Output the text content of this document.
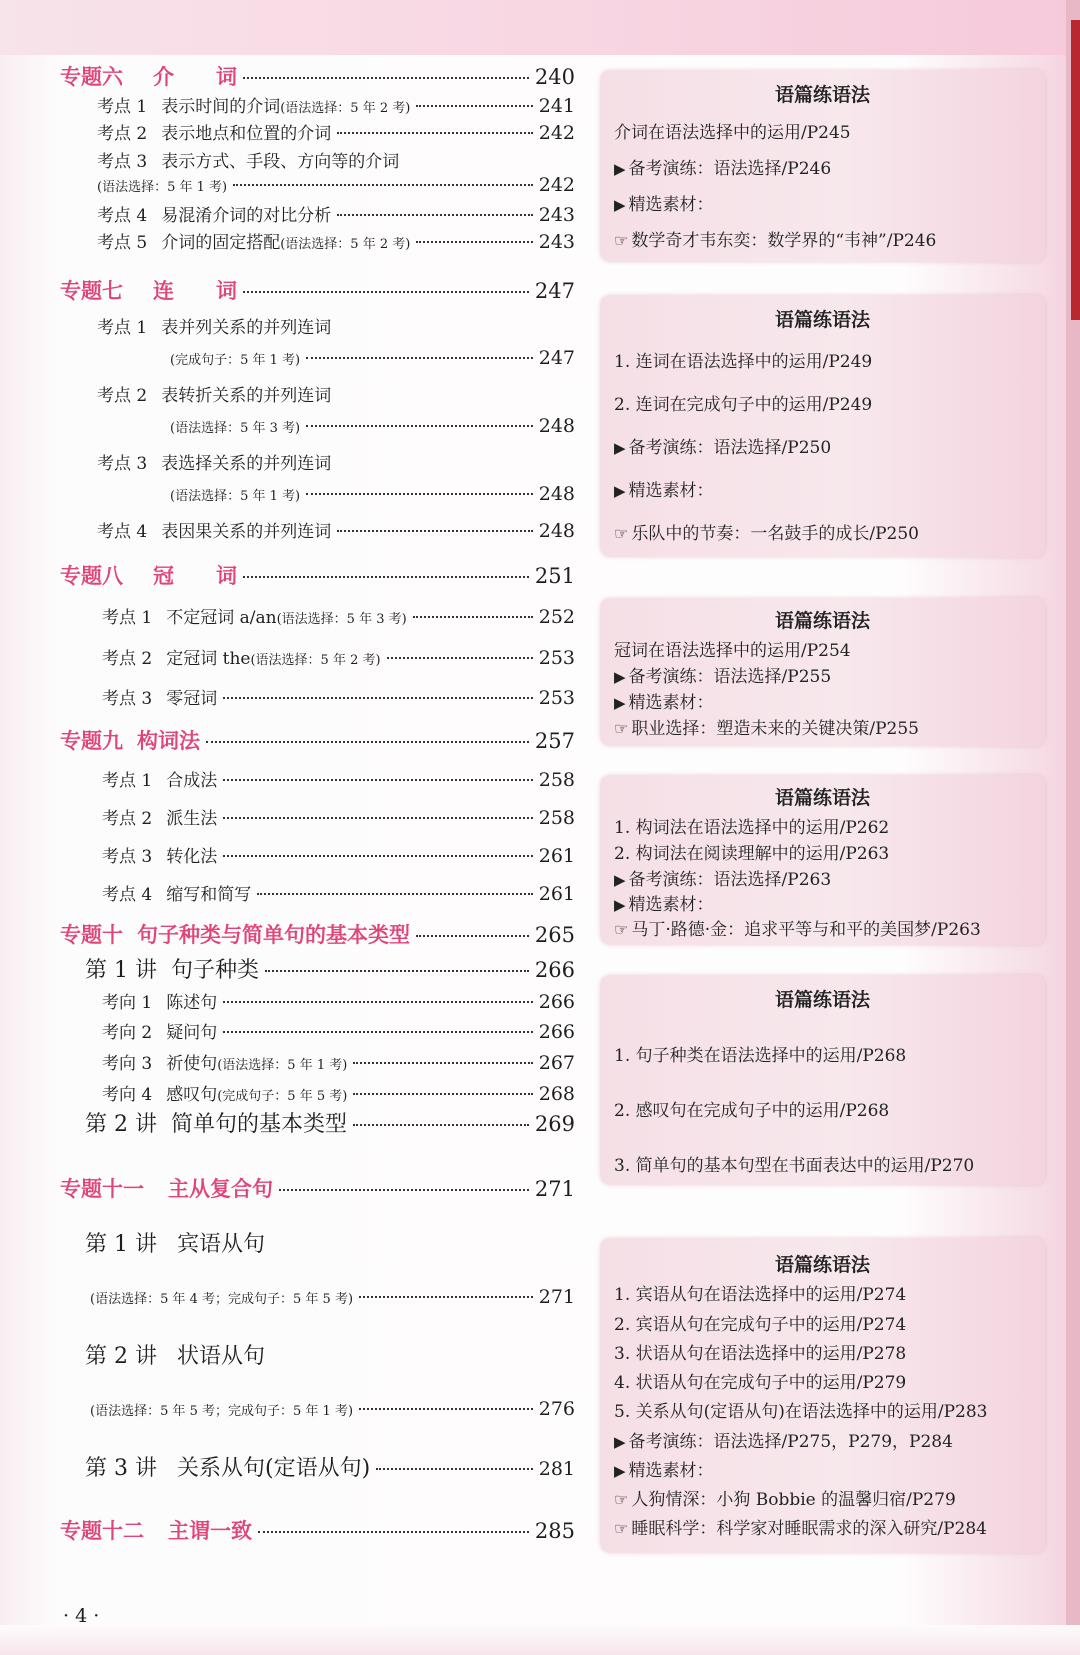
专题六 介　　词	240
考点 1 表示时间的介词 (语法选择：5 年 2 考)	241
考点 2 表示地点和位置的介词	242
考点 3 表示方式、手段、方向等的介词
(语法选择：5 年 1 考)	242
考点 4 易混淆介词的对比分析	243
考点 5 介词的固定搭配 (语法选择：5 年 2 考)	243
专题七 连　　词	247
考点 1 表并列关系的并列连词
(完成句子：5 年 1 考)	247
考点 2 表转折关系的并列连词
(语法选择：5 年 3 考)	248
考点 3 表选择关系的并列连词
(语法选择：5 年 1 考)	248
考点 4 表因果关系的并列连词	248
专题八 冠　　词	251
考点 1 不定冠词 a/an (语法选择：5 年 3 考)	252
考点 2 定冠词 the (语法选择：5 年 2 考)	253
考点 3 零冠词	253
专题九 构词法	257
考点 1 合成法	258
考点 2 派生法	258
考点 3 转化法	261
考点 4 缩写和简写	261
专题十 句子种类与简单句的基本类型	265
第 1 讲 句子种类	266
考向 1 陈述句	266
考向 2 疑问句	266
考向 3 祈使句 (语法选择：5 年 1 考)	267
考向 4 感叹句 (完成句子：5 年 5 考)	268
第 2 讲 简单句的基本类型	269
专题十一 主从复合句	271
第 1 讲 宾语从句
(语法选择：5 年 4 考；完成句子：5 年 5 考)	271
第 2 讲 状语从句
(语法选择：5 年 5 考；完成句子：5 年 1 考)	276
第 3 讲 关系从句(定语从句)	281
专题十二 主谓一致	285
语篇练语法
介词在语法选择中的运用/P245
▶ 备考演练：语法选择/P246
▶ 精选素材：
☞ 数学奇才韦东奕：数学界的“韦神”/P246
语篇练语法
1. 连词在语法选择中的运用/P249
2. 连词在完成句子中的运用/P249
▶ 备考演练：语法选择/P250
▶ 精选素材：
☞ 乐队中的节奏：一名鼓手的成长/P250
语篇练语法
冠词在语法选择中的运用/P254
▶ 备考演练：语法选择/P255
▶ 精选素材：
☞ 职业选择：塑造未来的关键决策/P255
语篇练语法
1. 构词法在语法选择中的运用/P262
2. 构词法在阅读理解中的运用/P263
▶ 备考演练：语法选择/P263
▶ 精选素材：
☞ 马丁·路德·金：追求平等与和平的美国梦/P263
语篇练语法
1. 句子种类在语法选择中的运用/P268
2. 感叹句在完成句子中的运用/P268
3. 简单句的基本句型在书面表达中的运用/P270
语篇练语法
1. 宾语从句在语法选择中的运用/P274
2. 宾语从句在完成句子中的运用/P274
3. 状语从句在语法选择中的运用/P278
4. 状语从句在完成句子中的运用/P279
5. 关系从句(定语从句)在语法选择中的运用/P283
▶ 备考演练：语法选择/P275，P279，P284
▶ 精选素材：
☞ 人狗情深：小狗 Bobbie 的温馨归宿/P279
☞ 睡眠科学：科学家对睡眠需求的深入研究/P284
· 4 ·
